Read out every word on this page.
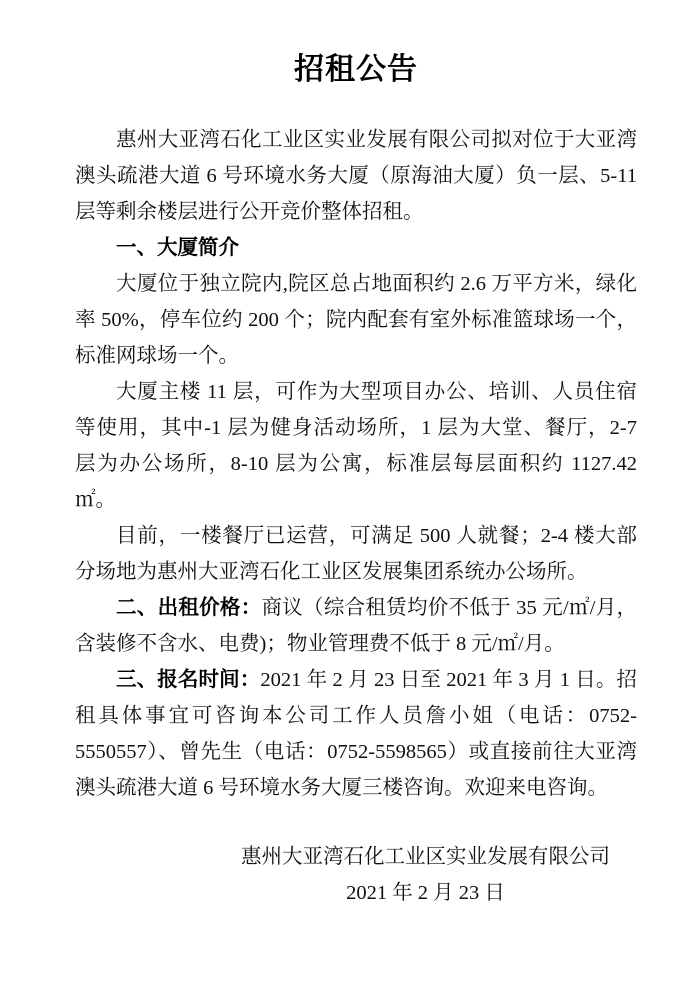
招租公告

惠州大亚湾石化工业区实业发展有限公司拟对位于大亚湾澳头疏港大道 6 号环境水务大厦（原海油大厦）负一层、5-11 层等剩余楼层进行公开竞价整体招租。

一、大厦简介

大厦位于独立院内,院区总占地面积约 2.6 万平方米，绿化率 50%，停车位约 200 个；院内配套有室外标准篮球场一个，标准网球场一个。

大厦主楼 11 层，可作为大型项目办公、培训、人员住宿等使用，其中-1 层为健身活动场所，1 层为大堂、餐厅，2-7 层为办公场所，8-10 层为公寓，标准层每层面积约 1127.42 ㎡。

目前，一楼餐厅已运营，可满足 500 人就餐；2-4 楼大部分场地为惠州大亚湾石化工业区发展集团系统办公场所。

二、出租价格：商议（综合租赁均价不低于 35 元/㎡/月，含装修不含水、电费)；物业管理费不低于 8 元/㎡/月。

三、报名时间：2021 年 2 月 23 日至 2021 年 3 月 1 日。招租具体事宜可咨询本公司工作人员詹小姐（电话：0752-5550557）、曾先生（电话：0752-5598565）或直接前往大亚湾澳头疏港大道 6 号环境水务大厦三楼咨询。欢迎来电咨询。

惠州大亚湾石化工业区实业发展有限公司

2021 年 2 月 23 日
